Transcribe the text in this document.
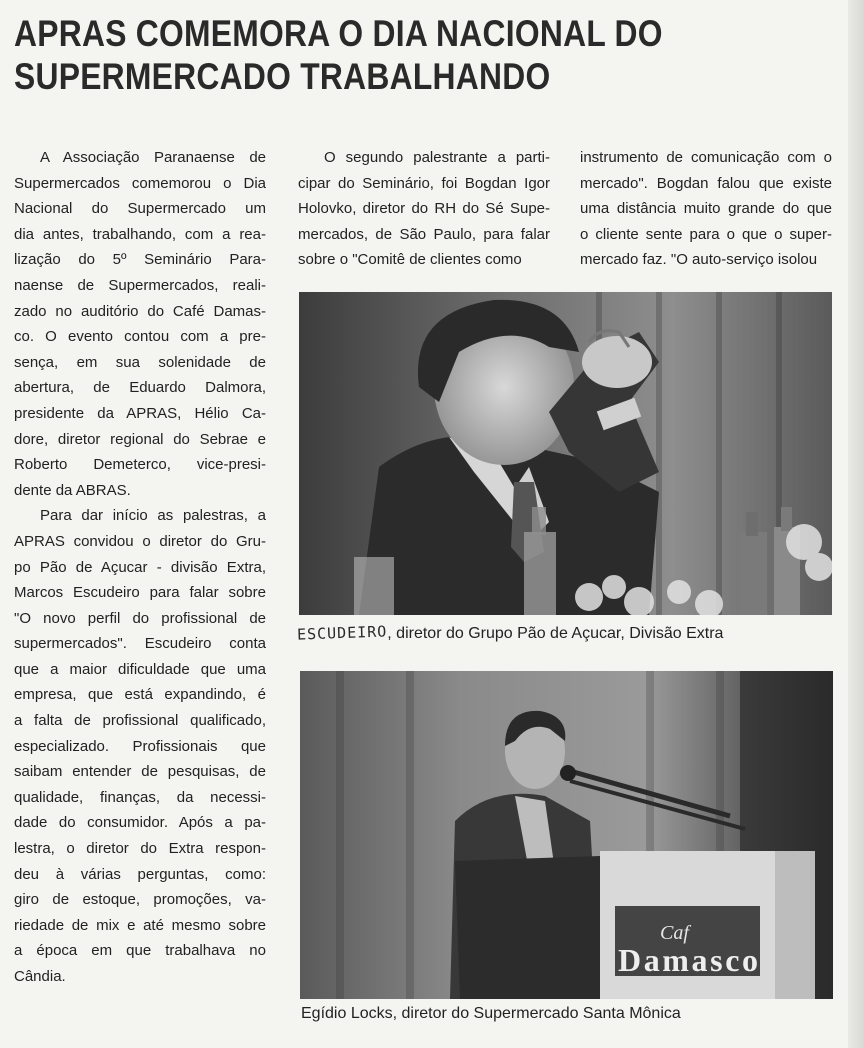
APRAS COMEMORA O DIA NACIONAL DO
SUPERMERCADO TRABALHANDO
A Associação Paranaense de
Supermercados comemorou o Dia
Nacional do Supermercado um
dia antes, trabalhando, com a rea-
lização do 5º Seminário Para-
naense de Supermercados, reali-
zado no auditório do Café Damas-
co. O evento contou com a pre-
sença, em sua solenidade de
abertura, de Eduardo Dalmora,
presidente da APRAS, Hélio Ca-
dore, diretor regional do Sebrae e
Roberto Demeterco, vice-presi-
dente da ABRAS.
Para dar início as palestras, a
APRAS convidou o diretor do Gru-
po Pão de Açucar - divisão Extra,
Marcos Escudeiro para falar sobre
"O novo perfil do profissional de
supermercados". Escudeiro conta
que a maior dificuldade que uma
empresa, que está expandindo, é
a falta de profissional qualificado,
especializado. Profissionais que
saibam entender de pesquisas, de
qualidade, finanças, da necessi-
dade do consumidor. Após a pa-
lestra, o diretor do Extra respon-
deu à várias perguntas, como:
giro de estoque, promoções, va-
riedade de mix e até mesmo sobre
a época em que trabalhava no
Cândia.
O segundo palestrante a parti-
cipar do Seminário, foi Bogdan Igor
Holovko, diretor do RH do Sé Supe-
mercados, de São Paulo, para falar
sobre o "Comitê de clientes como
instrumento de comunicação com o
mercado". Bogdan falou que existe
uma distância muito grande do que
o cliente sente para o que o super-
mercado faz. "O auto-serviço isolou
ESCUDEIRO, diretor do Grupo Pão de Açucar, Divisão Extra
Caf
Damasco
Egídio Locks, diretor do Supermercado Santa Mônica
